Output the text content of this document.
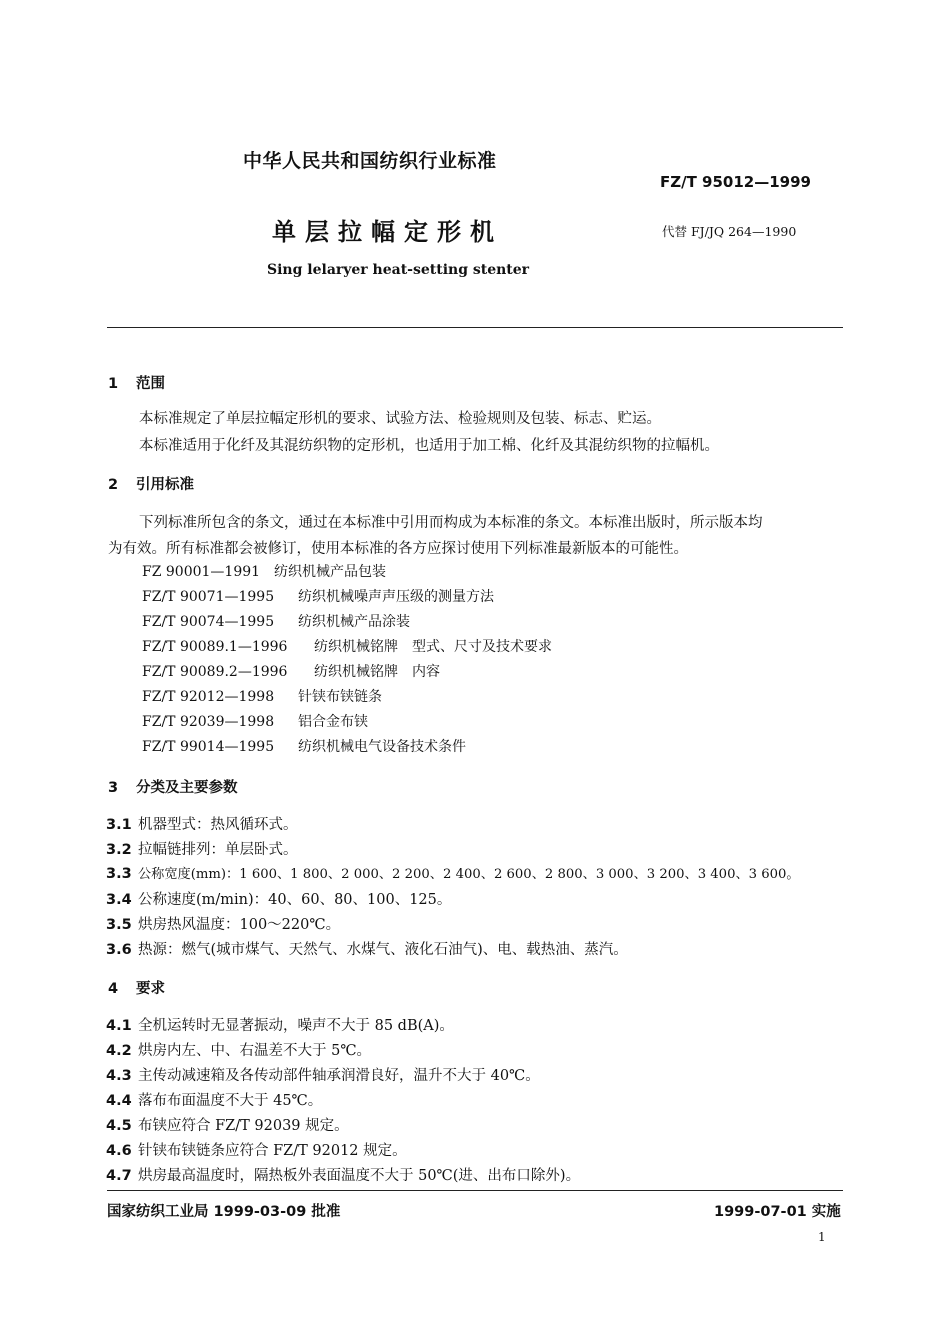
中华人民共和国纺织行业标准
FZ/T 95012—1999
单层拉幅定形机	代替 FJ/JQ 264—1990
Sing lelaryer heat-setting stenter
1 范围
本标准规定了单层拉幅定形机的要求、试验方法、检验规则及包装、标志、贮运。
本标准适用于化纤及其混纺织物的定形机，也适用于加工棉、化纤及其混纺织物的拉幅机。
2 引用标准
下列标准所包含的条文，通过在本标准中引用而构成为本标准的条文。本标准出版时，所示版本均
为有效。所有标准都会被修订，使用本标准的各方应探讨使用下列标准最新版本的可能性。
FZ 90001—1991 纺织机械产品包装
FZ/T 90071—1995 纺织机械噪声声压级的测量方法
FZ/T 90074—1995 纺织机械产品涂装
FZ/T 90089.1—1996 纺织机械铭牌　型式、尺寸及技术要求
FZ/T 90089.2—1996 纺织机械铭牌　内容
FZ/T 92012—1998 针铗布铗链条
FZ/T 92039—1998 铝合金布铗
FZ/T 99014—1995 纺织机械电气设备技术条件
3 分类及主要参数
3.1 机器型式：热风循环式。
3.2 拉幅链排列：单层卧式。
3.3 公称宽度(mm)：1 600、1 800、2 000、2 200、2 400、2 600、2 800、3 000、3 200、3 400、3 600。
3.4 公称速度(m/min)：40、60、80、100、125。
3.5 烘房热风温度：100～220℃。
3.6 热源：燃气(城市煤气、天然气、水煤气、液化石油气)、电、载热油、蒸汽。
4 要求
4.1 全机运转时无显著振动，噪声不大于 85 dB(A)。
4.2 烘房内左、中、右温差不大于 5℃。
4.3 主传动减速箱及各传动部件轴承润滑良好，温升不大于 40℃。
4.4 落布布面温度不大于 45℃。
4.5 布铗应符合 FZ/T 92039 规定。
4.6 针铗布铗链条应符合 FZ/T 92012 规定。
4.7 烘房最高温度时，隔热板外表面温度不大于 50℃(进、出布口除外)。
国家纺织工业局 1999-03-09 批准	1999-07-01 实施
1
